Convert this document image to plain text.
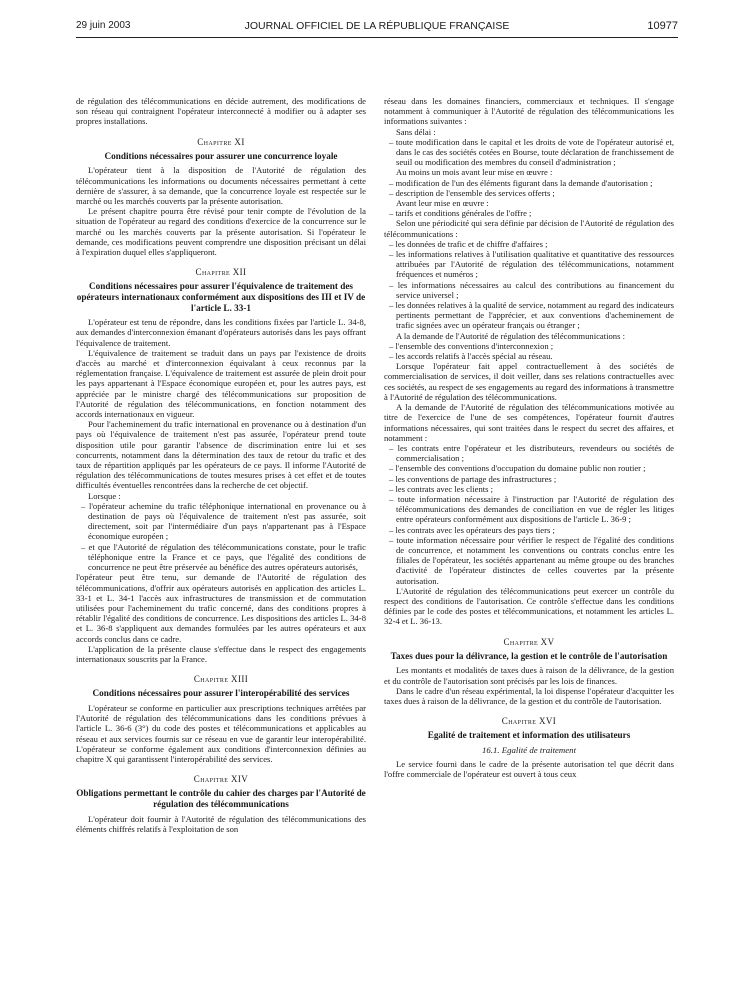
29 juin 2003	JOURNAL OFFICIEL DE LA RÉPUBLIQUE FRANÇAISE	10977

de régulation des télécommunications en décide autrement, des modifications de son réseau qui contraignent l'opérateur interconnecté à modifier ou à adapter ses propres installations.

Chapitre XI
Conditions nécessaires pour assurer une concurrence loyale

L'opérateur tient à la disposition de l'Autorité de régulation des télécommunications les informations ou documents nécessaires permettant à cette dernière de s'assurer, à sa demande, que la concurrence loyale est respectée sur le marché ou les marchés couverts par la présente autorisation.

Le présent chapitre pourra être révisé pour tenir compte de l'évolution de la situation de l'opérateur au regard des conditions d'exercice de la concurrence sur le marché ou les marchés couverts par la présente autorisation. Si l'opérateur le demande, ces modifications peuvent comprendre une disposition précisant un délai à l'expiration duquel elles s'appliqueront.

Chapitre XII
Conditions nécessaires pour assurer l'équivalence de traitement des opérateurs internationaux conformément aux dispositions des III et IV de l'article L. 33-1

L'opérateur est tenu de répondre, dans les conditions fixées par l'article L. 34-8, aux demandes d'interconnexion émanant d'opérateurs autorisés dans les pays offrant l'équivalence de traitement.

L'équivalence de traitement se traduit dans un pays par l'existence de droits d'accès au marché et d'interconnexion équivalant à ceux reconnus par la réglementation française. L'équivalence de traitement est assurée de plein droit pour les pays appartenant à l'Espace économique européen et, pour les autres pays, est appréciée par le ministre chargé des télécommunications sur proposition de l'Autorité de régulation des télécommunications, en fonction notamment des accords internationaux en vigueur.

Pour l'acheminement du trafic international en provenance ou à destination d'un pays où l'équivalence de traitement n'est pas assurée, l'opérateur prend toute disposition utile pour garantir l'absence de discrimination entre lui et ses concurrents, notamment dans la détermination des taux de retour du trafic et des taux de répartition appliqués par les opérateurs de ce pays. Il informe l'Autorité de régulation des télécommunications de toutes mesures prises à cet effet et de toutes difficultés éventuelles rencontrées dans la recherche de cet objectif.

Lorsque :

– l'opérateur achemine du trafic téléphonique international en provenance ou à destination de pays où l'équivalence de traitement n'est pas assurée, soit directement, soit par l'intermédiaire d'un pays n'appartenant pas à l'Espace économique européen ;
– et que l'Autorité de régulation des télécommunications constate, pour le trafic téléphonique entre la France et ce pays, que l'égalité des conditions de concurrence ne peut être préservée au bénéfice des autres opérateurs autorisés,

l'opérateur peut être tenu, sur demande de l'Autorité de régulation des télécommunications, d'offrir aux opérateurs autorisés en application des articles L. 33-1 et L. 34-1 l'accès aux infrastructures de transmission et de commutation utilisées pour l'acheminement du trafic concerné, dans des conditions propres à rétablir l'égalité des conditions de concurrence. Les dispositions des articles L. 34-8 et L. 36-8 s'appliquent aux demandes formulées par les autres opérateurs et aux accords conclus dans ce cadre.

L'application de la présente clause s'effectue dans le respect des engagements internationaux souscrits par la France.

Chapitre XIII
Conditions nécessaires pour assurer l'interopérabilité des services

L'opérateur se conforme en particulier aux prescriptions techniques arrêtées par l'Autorité de régulation des télécommunications dans les conditions prévues à l'article L. 36-6 (3°) du code des postes et télécommunications et applicables au réseau et aux services fournis sur ce réseau en vue de garantir leur interopérabilité. L'opérateur se conforme également aux conditions d'interconnexion définies au chapitre X qui garantissent l'interopérabilité des services.

Chapitre XIV
Obligations permettant le contrôle du cahier des charges par l'Autorité de régulation des télécommunications

L'opérateur doit fournir à l'Autorité de régulation des télécommunications des éléments chiffrés relatifs à l'exploitation de son

réseau dans les domaines financiers, commerciaux et techniques. Il s'engage notamment à communiquer à l'Autorité de régulation des télécommunications les informations suivantes :

Sans délai :

– toute modification dans le capital et les droits de vote de l'opérateur autorisé et, dans le cas des sociétés cotées en Bourse, toute déclaration de franchissement de seuil ou modification des membres du conseil d'administration ;

Au moins un mois avant leur mise en œuvre :

– modification de l'un des éléments figurant dans la demande d'autorisation ;
– description de l'ensemble des services offerts ;

Avant leur mise en œuvre :

– tarifs et conditions générales de l'offre ;

Selon une périodicité qui sera définie par décision de l'Autorité de régulation des télécommunications :

– les données de trafic et de chiffre d'affaires ;
– les informations relatives à l'utilisation qualitative et quantitative des ressources attribuées par l'Autorité de régulation des télécommunications, notamment fréquences et numéros ;
– les informations nécessaires au calcul des contributions au financement du service universel ;
– les données relatives à la qualité de service, notamment au regard des indicateurs pertinents permettant de l'apprécier, et aux conventions d'acheminement de trafic signées avec un opérateur français ou étranger ;

A la demande de l'Autorité de régulation des télécommunications :

– l'ensemble des conventions d'interconnexion ;
– les accords relatifs à l'accès spécial au réseau.

Lorsque l'opérateur fait appel contractuellement à des sociétés de commercialisation de services, il doit veiller, dans ses relations contractuelles avec ces sociétés, au respect de ses engagements au regard des informations à transmettre à l'Autorité de régulation des télécommunications.

A la demande de l'Autorité de régulation des télécommunications motivée au titre de l'exercice de l'une de ses compétences, l'opérateur fournit d'autres informations nécessaires, qui sont traitées dans le respect du secret des affaires, et notamment :

– les contrats entre l'opérateur et les distributeurs, revendeurs ou sociétés de commercialisation ;
– l'ensemble des conventions d'occupation du domaine public non routier ;
– les conventions de partage des infrastructures ;
– les contrats avec les clients ;
– toute information nécessaire à l'instruction par l'Autorité de régulation des télécommunications des demandes de conciliation en vue de régler les litiges entre opérateurs conformément aux dispositions de l'article L. 36-9 ;
– les contrats avec les opérateurs des pays tiers ;
– toute information nécessaire pour vérifier le respect de l'égalité des conditions de concurrence, et notamment les conventions ou contrats conclus entre les filiales de l'opérateur, les sociétés appartenant au même groupe ou des branches d'activité de l'opérateur distinctes de celles couvertes par la présente autorisation.

L'Autorité de régulation des télécommunications peut exercer un contrôle du respect des conditions de l'autorisation. Ce contrôle s'effectue dans les conditions définies par le code des postes et télécommunications, et notamment les articles L. 32-4 et L. 36-13.

Chapitre XV
Taxes dues pour la délivrance, la gestion et le contrôle de l'autorisation

Les montants et modalités de taxes dues à raison de la délivrance, de la gestion et du contrôle de l'autorisation sont précisés par les lois de finances.

Dans le cadre d'un réseau expérimental, la loi dispense l'opérateur d'acquitter les taxes dues à raison de la délivrance, de la gestion et du contrôle de l'autorisation.

Chapitre XVI
Egalité de traitement et information des utilisateurs
16.1. Egalité de traitement

Le service fourni dans le cadre de la présente autorisation tel que décrit dans l'offre commerciale de l'opérateur est ouvert à tous ceux
